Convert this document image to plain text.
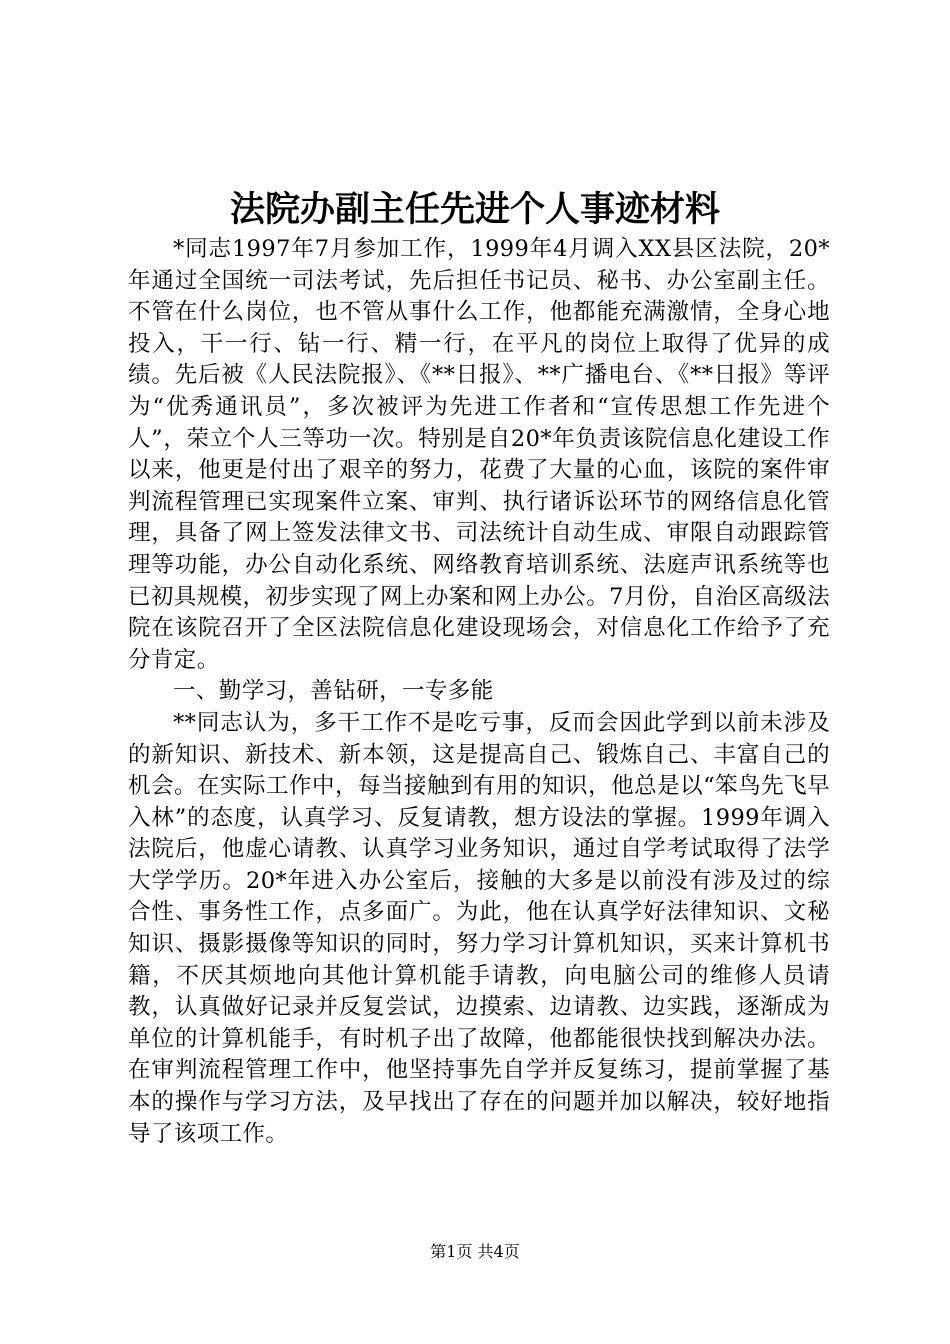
法院办副主任先进个人事迹材料

*同志1997年7月参加工作，1999年4月调入XX县区法院，20*年通过全国统一司法考试，先后担任书记员、秘书、办公室副主任。不管在什么岗位，也不管从事什么工作，他都能充满激情，全身心地投入，干一行、钻一行、精一行，在平凡的岗位上取得了优异的成绩。先后被《人民法院报》、《**日报》、**广播电台、《**日报》等评为“优秀通讯员”，多次被评为先进工作者和“宣传思想工作先进个人”，荣立个人三等功一次。特别是自20*年负责该院信息化建设工作以来，他更是付出了艰辛的努力，花费了大量的心血，该院的案件审判流程管理已实现案件立案、审判、执行诸诉讼环节的网络信息化管理，具备了网上签发法律文书、司法统计自动生成、审限自动跟踪管理等功能，办公自动化系统、网络教育培训系统、法庭声讯系统等也已初具规模，初步实现了网上办案和网上办公。7月份，自治区高级法院在该院召开了全区法院信息化建设现场会，对信息化工作给予了充分肯定。

一、勤学习，善钻研，一专多能

**同志认为，多干工作不是吃亏事，反而会因此学到以前未涉及的新知识、新技术、新本领，这是提高自己、锻炼自己、丰富自己的机会。在实际工作中，每当接触到有用的知识，他总是以“笨鸟先飞早入林”的态度，认真学习、反复请教，想方设法的掌握。1999年调入法院后，他虚心请教、认真学习业务知识，通过自学考试取得了法学大学学历。20*年进入办公室后，接触的大多是以前没有涉及过的综合性、事务性工作，点多面广。为此，他在认真学好法律知识、文秘知识、摄影摄像等知识的同时，努力学习计算机知识，买来计算机书籍，不厌其烦地向其他计算机能手请教，向电脑公司的维修人员请教，认真做好记录并反复尝试，边摸索、边请教、边实践，逐渐成为单位的计算机能手，有时机子出了故障，他都能很快找到解决办法。在审判流程管理工作中，他坚持事先自学并反复练习，提前掌握了基本的操作与学习方法，及早找出了存在的问题并加以解决，较好地指导了该项工作。

第1页 共4页
